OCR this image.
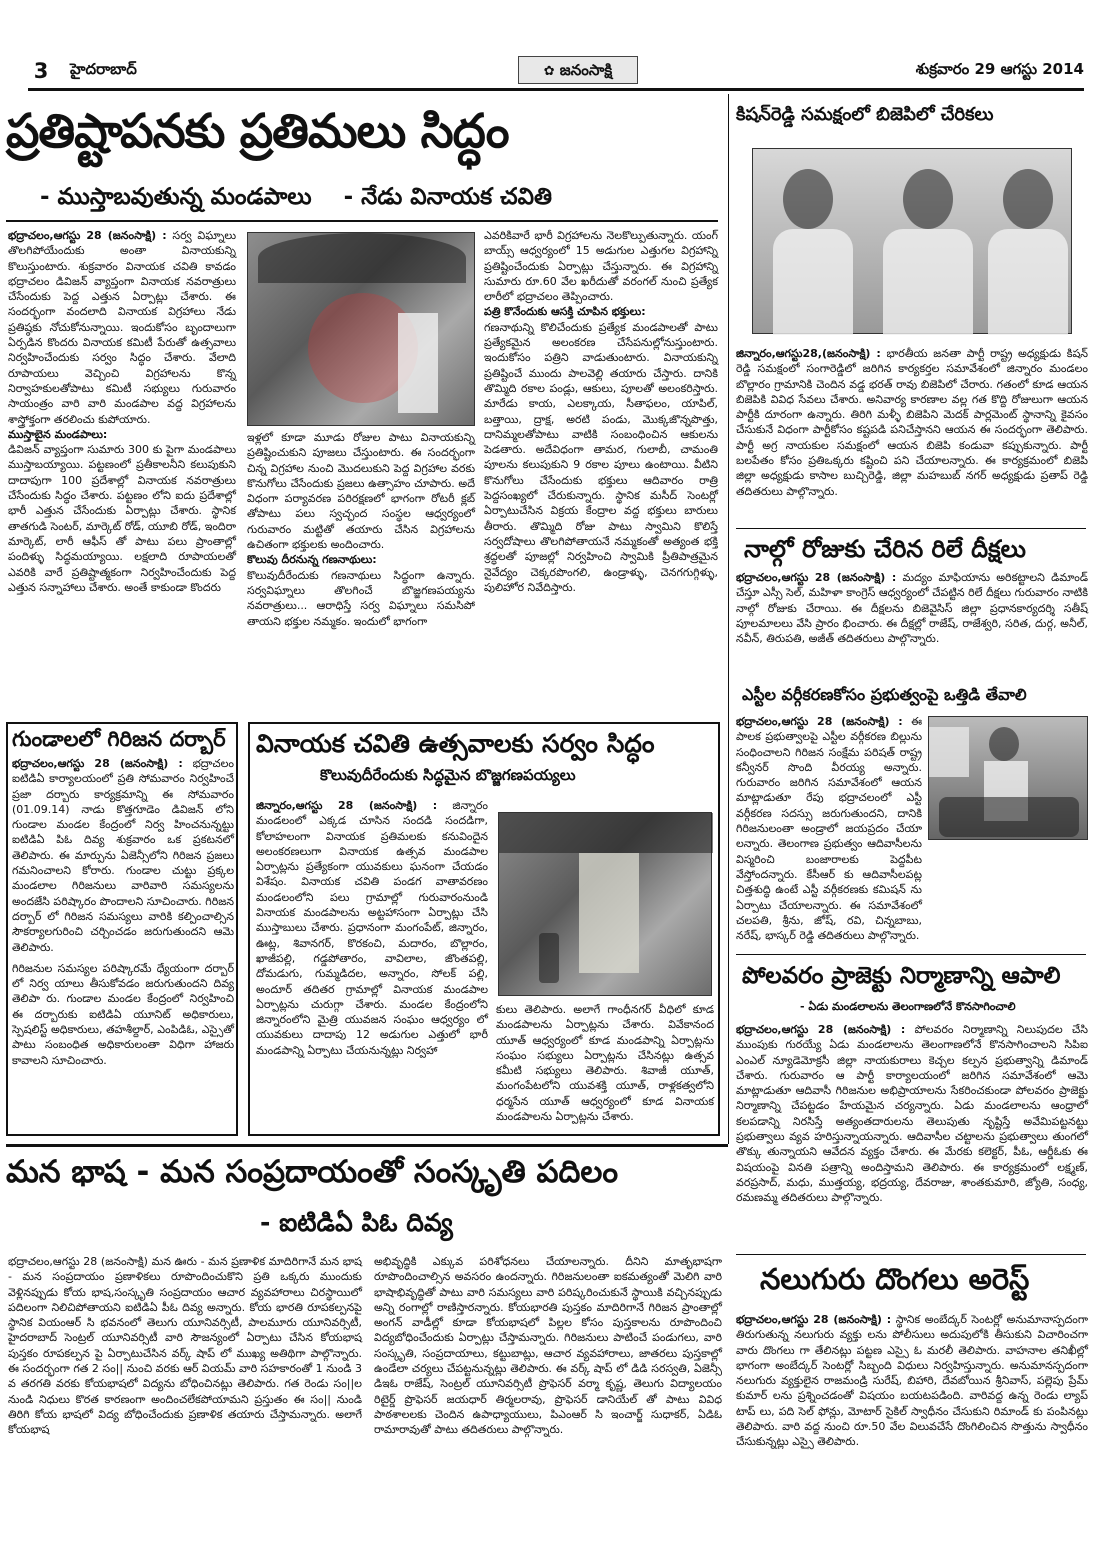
3	హైదరాబాద్	✿ జనంసాక్షి	శుక్రవారం 29 ఆగస్టు 2014
ప్రతిష్టాపనకు ప్రతిమలు సిద్ధం
- ముస్తాబవుతున్న మండపాలు    - నేడు వినాయక చవితి
భద్రాచలం,ఆగస్టు 28 (జనంసాక్షి) : సర్వ విఘ్నాలు తొలగిపోయేందుకు అంతా వినాయకున్ని కొలుస్తుంటారు. శుక్రవారం వినాయక చవితి కావడం భద్రాచలం డివిజన్ వ్యాప్తంగా వినాయక నవరాత్రులు చేసేందుకు పెద్ద ఎత్తున ఏర్పాట్లు చేశారు. ఈ సందర్భంగా వందలాది వినాయక విగ్రహాలు నేడు ప్రతిష్ఠకు నోచుకోనున్నాయి. ఇందుకోసం బృందాలుగా ఏర్పడిన కొందరు వినాయక కమిటీ పేరుతో ఉత్సవాలు నిర్వహించేందుకు సర్వం సిద్ధం చేశారు. వేలాది రూపాయలు వెచ్చించి విగ్రహాలను కొన్న నిర్వాహకులతోపాటు కమిటీ సభ్యులు గురువారం సాయంత్రం వారి వారి మండపాల వద్ద విగ్రహాలను శాస్త్రోక్తంగా తరలించు కుపోయారు.
ముస్తాబైన మండపాలు:
డివిజన్ వ్యాప్తంగా సుమారు 300 కు పైగా మండపాలు ముస్తాబయ్యాయి. పట్టణంలో ప్రతీకాలనీని కలుపుకుని దాదాపుగా 100 ప్రదేశాల్లో వినాయక నవరాత్రులు చేసేందుకు సిద్ధం చేశారు. పట్టణం లోని ఐదు ప్రదేశాల్లో భారీ ఎత్తున చేసేందుకు ఏర్పాట్లు చేశారు. స్థానిక తాతగుడి సెంటర్, మార్కెట్ రోడ్, యూబి రోడ్, ఇందిరా మార్కెట్, లారీ ఆఫీస్ తో పాటు పలు ప్రాంతాల్లో పందిళ్ళు సిద్ధమయ్యాయి. లక్షలాది రూపాయలతో ఎవరికి వారే ప్రతిష్టాత్మకంగా నిర్వహించేందుకు పెద్ద ఎత్తున సన్నాహాలు చేశారు. అంతే కాకుండా కొందరు
ఇళ్లలో కూడా మూడు రోజుల పాటు వినాయకున్ని ప్రతిష్టించుకుని పూజలు చేస్తుంటారు. ఈ సందర్భంగా చిన్న విగ్రహాల నుంచి మొదలుకుని పెద్ద విగ్రహాల వరకు కొనుగోలు చేసేందుకు ప్రజలు ఉత్సాహం చూపారు. అదే విధంగా పర్యావరణ పరిరక్షణలో భాగంగా రోటరీ క్లబ్ తోపాటు పలు స్వచ్ఛంద సంస్థల ఆధ్వర్యంలో గురువారం మట్టితో తయారు చేసిన విగ్రహాలను ఉచితంగా భక్తులకు అందించారు.
కొలువు దీరనున్న గణనాథులు:
కొలువుదీరేందుకు గణనాథులు సిద్ధంగా ఉన్నారు. సర్వవిఘ్నాలు తొలగించే బొజ్జగణపయ్యను నవరాత్రులు... ఆరాధిస్తే సర్వ విఘ్నాలు సమసిపో తాయని భక్తుల నమ్మకం. ఇందులో భాగంగా
ఎవరికివారే భారీ విగ్రహాలను నెలకొల్పుతున్నారు. యంగ్ బాయ్స్ ఆధ్వర్యంలో 15 అడుగుల ఎత్తుగల విగ్రహాన్ని ప్రతిష్టించేందుకు ఏర్పాట్లు చేస్తున్నారు. ఈ విగ్రహాన్ని సుమారు రూ.60 వేల ఖరీదుతో వరంగల్ నుంచి ప్రత్యేక లారీలో భద్రాచలం తెప్పించారు.
పత్రి కొనేందుకు ఆసక్తి చూపిన భక్తులు:
గణనాథున్ని కొలిచేందుకు ప్రత్యేక మండపాలతో పాటు ప్రత్యేకమైన అలంకరణ చేసేపనుల్లోనుస్తుంటారు. ఇందుకోసం పత్రిని వాడుతుంటారు. వినాయకున్ని ప్రతిష్టించే ముందు పాలవెల్లి తయారు చేస్తారు. దానికి తొమ్మిది రకాల పండ్లు, ఆకులు, పూలతో అలంకరిస్తారు. మారేడు కాయ, ఎలక్కాయ, సీతాఫలం, యాపిల్, బత్తాయి, ద్రాక్ష, అరటి పండు, మొక్కజొన్నపొత్తు, దానిమ్మలతోపాటు వాటికి సంబంధించిన ఆకులను పెడతారు. అదేవిధంగా తామర, గులాబీ, చామంతి పూలను కలుపుకుని 9 రకాల పూలు ఉంటాయి. వీటిని కొనుగోలు చేసేందుకు భక్తులు ఆదివారం రాత్రి పెద్దసంఖ్యలో చేరుకున్నారు. స్థానిక మసీద్ సెంటర్లో ఏర్పాటుచేసిన విక్రయ కేంద్రాల వద్ద భక్తులు బారులు తీరారు. తొమ్మిది రోజు పాటు స్వామిని కొలిస్తే సర్వదోషాలు తొలగిపోతాయనే నమ్మకంతో అత్యంత భక్తి శ్రద్ధలతో పూజల్లో నిర్వహించి స్వామికి ప్రీతిపాత్రమైన నైవేద్యం చెక్కరపొంగలి, ఉండ్రాళ్ళు, చెనగగుగ్గిళ్ళు, పులిహోర నివేదిస్తారు.
గుండాలలో గిరిజన దర్బార్
భద్రాచలం,ఆగస్టు 28 (జనంసాక్షి) : భద్రాచలం ఐటిడిఏ కార్యాలయంలో ప్రతి సోమవారం నిర్వహించే ప్రజా దర్బారు కార్యక్రమాన్ని ఈ సోమవారం (01.09.14) నాడు కొత్తగూడెం డివిజన్ లోని గుండాల మండల కేంద్రంలో నిర్వ హించనున్నట్టు ఐటిడిఏ పిఓ దివ్య శుక్రవారం ఒక ప్రకటనలో తెలిపారు. ఈ మార్పును ఏజెన్సీలోని గిరిజన ప్రజలు గమనించాలని కోరారు. గుండాల చుట్టు ప్రక్కల మండలాల గిరిజనులు వారివారి సమస్యలను అందజేసి పరిష్కారం పొందాలని సూచించారు. గిరిజన దర్బార్ లో గిరిజన సమస్యలు వారికి కల్పించాల్సిన సౌకర్యాలగురించి చర్చించడం జరుగుతుందని ఆమె తెలిపారు.
గిరిజనుల సమస్యల పరిష్కారమే ధ్యేయంగా దర్బార్ లో నిర్వ యాలు తీసుకోవడం జరుగుతుందని దివ్య తెలిపా రు. గుండాల మండల కేంద్రంలో నిర్వహించి ఈ దర్బారుకు ఐటిడిఏ యూనిట్ అధికారులు, స్పెషలిస్ట్ అధికారులు, తహశీల్దార్, ఎంపిడిఓ, ఎస్సైతో పాటు సంబంధిత అధికారులంతా విధిగా హాజరు కావాలని సూచించారు.
వినాయక చవితి ఉత్సవాలకు సర్వం సిద్ధం
కొలువుదీరేందుకు సిద్ధమైన బొజ్జగణపయ్యలు
జిన్నారం,ఆగస్టు 28 (జనంసాక్షి) : జిన్నారం మండలంలో ఎక్కడ చూసిన సందడి సందడిగా, కోలాహలంగా వినాయక ప్రతిమలకు కనువిందైన అలంకరణలుగా వినాయక ఉత్సవ మండపాల ఏర్పాట్లను ప్రత్యేకంగా యువకులు ఘనంగా చేయడం విశేషం. వినాయక చవితి పండగ వాతావరణం మండలంలోని పలు గ్రామాల్లో గురువారంనుండి వినాయక మండపాలను అట్టహాసంగా ఏర్పాట్లు చేసి ముస్తాబులు చేశారు. ప్రధానంగా మంగంపేట్, జిన్నారం, ఊట్ల, శివానగర్, కొరకంచి, మదారం, బొల్లారం, ఖాజీపల్లి, గడ్డపోతారం, వావిలాల, జొంతపల్లి, దోమడుగు, గుమ్మడిదల, అన్నారం, సోలక్ పల్లి, అందూర్ తదితర గ్రామాల్లో వినాయక మండపాల ఏర్పాట్లను చురుగ్గా చేశారు. మండల కేంద్రంలోని జిన్నారంలోని మైత్రి యువజన సంఘం ఆధ్వర్యం లో యువకులు దాదాపు 12 అడుగుల ఎత్తులో భారీ మండపాన్ని ఏర్పాటు చేయనున్నట్లు నిర్వహా
కులు తెలిపారు. అలాగే గాంధీనగర్ వీధిలో కూడ మండపాలను ఏర్పాట్లను చేశారు. వివేకానంద యూత్ ఆధ్వర్యంలో కూడ మండపాన్ని ఏర్పాట్లను సంఘం సభ్యులు ఏర్పాట్లను చేసినట్లు ఉత్సవ కమీటి సభ్యులు తెలిపారు. శివాజీ యూత్, మంగంపేటలోని యువశక్తి యూత్, రాళ్లకత్వలోని ధర్మసేన యూత్ ఆధ్వర్యంలో కూడ వినాయక మండపాలను ఏర్పాట్లను చేశారు.
కిషన్‌రెడ్డి సమక్షంలో బిజెపిలో చేరికలు
జిన్నారం,ఆగస్టు28,(జనంసాక్షి) : భారతీయ జనతా పార్టీ రాష్ట్ర అధ్యక్షుడు కిషన్ రెడ్డి సమక్షంలో సంగారెడ్డిలో జరిగిన కార్యకర్తల సమావేశంలో జిన్నారం మండలం బొల్లారం గ్రామానికి చెందిన వడ్డ భరత్ రావు బిజెపిలో చేరారు. గతంలో కూడ ఆయన బిజెపికి వివిధ సేవలు చేశారు. అనివార్య కారణాల వల్ల గత కొద్ది రోజులుగా ఆయన పార్టీకి దూరంగా ఉన్నారు. తిరిగి మళ్ళీ బిజెపిని మెదక్ పార్లమెంట్ స్థానాన్ని కైవసం చేసుకునే విధంగా పార్టీకోసం కష్టపడి పనిచేస్తానని ఆయన ఈ సందర్భంగా తెలిపారు. పార్టీ అగ్ర నాయకుల సమక్షంలో ఆయన బిజెపి కండువా కప్పుకున్నారు. పార్టీ బలపేతం కోసం ప్రతిఒక్కరు కష్టించి పని చేయాలన్నారు. ఈ కార్యక్రమంలో బిజెపి జిల్లా అధ్యక్షుడు కాసాల బుచ్చిరెడ్డి, జిల్లా మహబుబ్ నగర్ అధ్యక్షుడు ప్రతాప్ రెడ్డి తదితరులు పాల్గొన్నారు.
నాల్గో రోజుకు చేరిన రిలే దీక్షలు
భద్రాచలం,ఆగస్టు 28 (జనంసాక్షి) : మద్యం మాఫియాను అరికట్టాలని డిమాండ్ చేస్తూ ఎస్సీ సెల్, మహిళా కాంగ్రెస్ ఆధ్వర్యంలో చేపట్టిన రిలే దీక్షలు గురువారం నాటికి నాల్గో రోజుకు చేరాయి. ఈ దీక్షలను బిజెవైసిస్ జిల్లా ప్రధానకార్యదర్శి సతీష్ పూలమాలలు వేసి ప్రారం భించారు. ఈ దీక్షల్లో రాజేష్, రాజేశ్వరి, సరిత, దుర్గ, అనీల్, నవీన్, తిరుపతి, అజీత్ తదితరులు పాల్గొన్నారు.
ఎస్టీల వర్గీకరణకోసం ప్రభుత్వంపై ఒత్తిడి తేవాలి
భద్రాచలం,ఆగస్టు 28 (జనంసాక్షి) : ఈ పాలక ప్రభుత్వాలపై ఎస్టీల వర్గీకరణ బిల్లును సంధించాలని గిరిజన సంక్షేమ పరిషత్ రాష్ట్ర కన్వీనర్ సొంది వీరయ్య అన్నారు. గురువారం జరిగిన సమావేశంలో ఆయన మాట్లాడుతూ రేపు భద్రాచలంలో ఎస్టీ వర్గీకరణ సదస్సు జరుగుతుందని, దానికి గిరిజనులంతా అండ్రాలో జయప్రదం చేయా లన్నారు. తెలంగాణ ప్రభుత్వం ఆదివాసీలను విస్మరించి బంజారాలకు పెద్దపీట వేస్తోందన్నారు. కేసీఆర్ కు ఆదివాసీలపట్ల చిత్తశుద్ధి ఉంటే ఎస్టీ వర్గీకరణకు కమిషన్ ను ఏర్పాటు చేయాలన్నారు. ఈ సమావేశంలో చలపతి, శ్రీను, జోష్, రవి, చిన్నబాబు, నరేష్, భాస్కర్ రెడ్డి తదితరులు పాల్గొన్నారు.
పోలవరం ప్రాజెక్టు నిర్మాణాన్ని ఆపాలి
- ఏడు మండలాలను తెలంగాణలోనే కొనసాగించాలి
భద్రాచలం,ఆగస్టు 28 (జనంసాక్షి) : పోలవరం నిర్మాణాన్ని నిలుపుదల చేసి ముంపుకు గురయ్యే ఏడు మండలాలను తెలంగాణలోనే కొనసాగించాలని సిపిఐ ఎంఎల్ న్యూడెమోక్రసీ జిల్లా నాయకురాలు కెచ్చల కల్పన ప్రభుత్వాన్ని డిమాండ్ చేశారు. గురువారం ఆ పార్టీ కార్యాలయంలో జరిగిన సమావేశంలో ఆమె మాట్లాడుతూ ఆదివాసీ గిరిజనుల అభిప్రాయాలను సేకరించకుండా పోలవరం ప్రాజెక్టు నిర్మాణాన్ని చేపట్టడం హేయమైన చర్యన్నారు. ఏడు మండలాలను ఆంధ్రాలో కలపడాన్ని నిరసిస్తే అత్యంతదారులను తెలుపుతు నృష్టిస్తే అవేమిపట్టనట్టు ప్రభుత్వాలు వ్యవ హరిస్తున్నాయన్నారు. ఆదివాసీల చట్టాలను ప్రభుత్వాలు తుంగలో తొక్కు తున్నాయని ఆవేదన వ్యక్తం చేశారు. ఈ మేరకు కలెక్టర్, పీఓ, ఆర్డీఓకు ఈ విషయంపై వినతి పత్రాన్ని అందిస్తామని తెలిపారు. ఈ కార్యక్రమంలో లక్ష్మణ్, వరప్రసాద్, మధు, ముత్తయ్య, భద్రయ్య, దేవరాజు, శాంతకుమారి, జ్యోతి, సంధ్య, రమణమ్మ తదితరులు పాల్గొన్నారు.
మన భాష - మన సంప్రదాయంతో సంస్కృతి పదిలం
- ఐటిడిఏ పిఓ దివ్య
భద్రాచలం,ఆగస్టు 28 (జనంసాక్షి) మన ఊరు - మన ప్రణాళిక మాదిరిగానే మన భాష - మన సంప్రదాయం ప్రణాళికలు రూపొందించుకొని ప్రతి ఒక్కరు ముందుకు వెళ్లినప్పుడు కోయ భాష,సంస్కృతి సంప్రదాయం ఆచార వ్యవహారాలు చిరస్థాయిలో పదిలంగా నిలిచిపోతాయని ఐటిడిఏ పీఓ దివ్య అన్నారు. కోయ భారతి రూపకల్పనపై స్థానిక వియంఆర్ సి భవనంలో తెలుగు యూనివర్సిటీ, పాలమూరు యూనివర్సిటీ, హైదరాబాద్ సెంట్రల్ యూనివర్సిటీ వారి సౌజన్యంలో ఏర్పాటు చేసిన కోయభాష పుస్తకం రూపకల్పన పై ఏర్పాటుచేసిన వర్క్ షాప్ లో ముఖ్య అతిథిగా పాల్గొన్నారు. ఈ సందర్భంగా గత 2 సం|| నుంచి వరకు ఆర్ వియమ్ వారి సహకారంతో 1 నుండి 3 వ తరగతి వరకు కోయభాషలో విద్యను బోధించినట్లు తెలిపారు. గత రెండు సం||ల నుండి నిధులు కొరత కారణంగా అందించలేకపోయామని ప్రస్తుతం ఈ సం|| నుండి తిరిగి కోయ భాషలో విద్య బోధించేందుకు ప్రణాళిక తయారు చేస్తామన్నారు. అలాగే కోయభాష
అభివృద్ధికి ఎక్కువ పరిశోధనలు చేయాలన్నారు. దీనిని మాతృభాషగా రూపొందించాల్సిన అవసరం ఉందన్నారు. గిరిజనులంతా ఐకమత్యంతో మెలిగి వారి భాషాభివృద్ధితో పాటు వారి సమస్యలు వారి పరిష్కరించుకునే స్థాయికి వచ్చినప్పుడు అన్ని రంగాల్లో రాణిస్తారన్నారు. కోయభారతి పుస్తకం మాదిరిగానే గిరిజన ప్రాంతాల్లో అంగన్ వాడీల్లో కూడా కోయభాషలో పిల్లల కోసం పుస్తకాలను రూపొందించి విద్యబోధించేందుకు ఏర్పాట్లు చేస్తామన్నారు. గిరిజనులు పాటించే పండుగలు, వారి సంస్కృతి, సంప్రదాయాలు, కట్టుబాట్లు, ఆచార వ్యవహారాలు, జాతరలు పుస్తకాల్లో ఉండేలా చర్యలు చేపట్టనున్నట్లు తెలిపారు. ఈ వర్క్ షాప్ లో డిడి సరస్వతి, ఏజెన్సీ డిఇఓ రాజేష్, సెంట్రల్ యూనివర్సిటీ ప్రొఫెసర్ వర్మా కృష్ణ, తెలుగు విద్యాలయం రిటైర్డ్ ప్రొఫెసర్ జయధార్ తిర్మలరావు, ప్రొఫెసర్ డానియేల్ తో పాటు వివిధ పాఠశాలలకు చెందిన ఉపాధ్యాయులు, పిఎంఆర్ సి ఇంచార్జ్ సుధాకర్, ఏడిఓ రామారావుతో పాటు తదితరులు పాల్గొన్నారు.
నలుగురు దొంగలు అరెస్ట్
భద్రాచలం,ఆగస్టు 28 (జనంసాక్షి) : స్థానిక అంబేద్కర్ సెంటర్లో అనుమానాస్పదంగా తిరుగుతున్న నలుగురు వ్యక్తు లను పోలీసులు అదుపులోకి తీసుకుని విచారించగా వారు దొంగలు గా తేలినట్లు పట్టణ ఎస్సై ఓ మరలీ తెలిపారు. వాహనాల తనిఖీల్లో భాగంగా అంబేద్కర్ సెంటర్లో సిబ్బంది విధులు నిర్వహిస్తున్నారు. అనుమానస్పదంగా నలుగురు వ్యక్తులైన రాజమండ్రి సురేష్, బిహారి, దేవబోయిన శ్రీనివాస్, పల్లెపు ప్రేమ్ కుమార్ లను ప్రశ్నించడంతో విషయం బయటపడింది. వారివద్ద ఉన్న రెండు ల్యాప్ టాప్ లు, పది సెల్ ఫోన్లు, మోటార్ సైకిల్ స్వాధీనం చేసుకుని రిమాండ్ కు పంపినట్లు తెలిపారు. వారి వద్ద నుంచి రూ.50 వేల విలువచేసే దొంగిలించిన సొత్తును స్వాధీనం చేసుకున్నట్లు ఎస్సై తెలిపారు.
